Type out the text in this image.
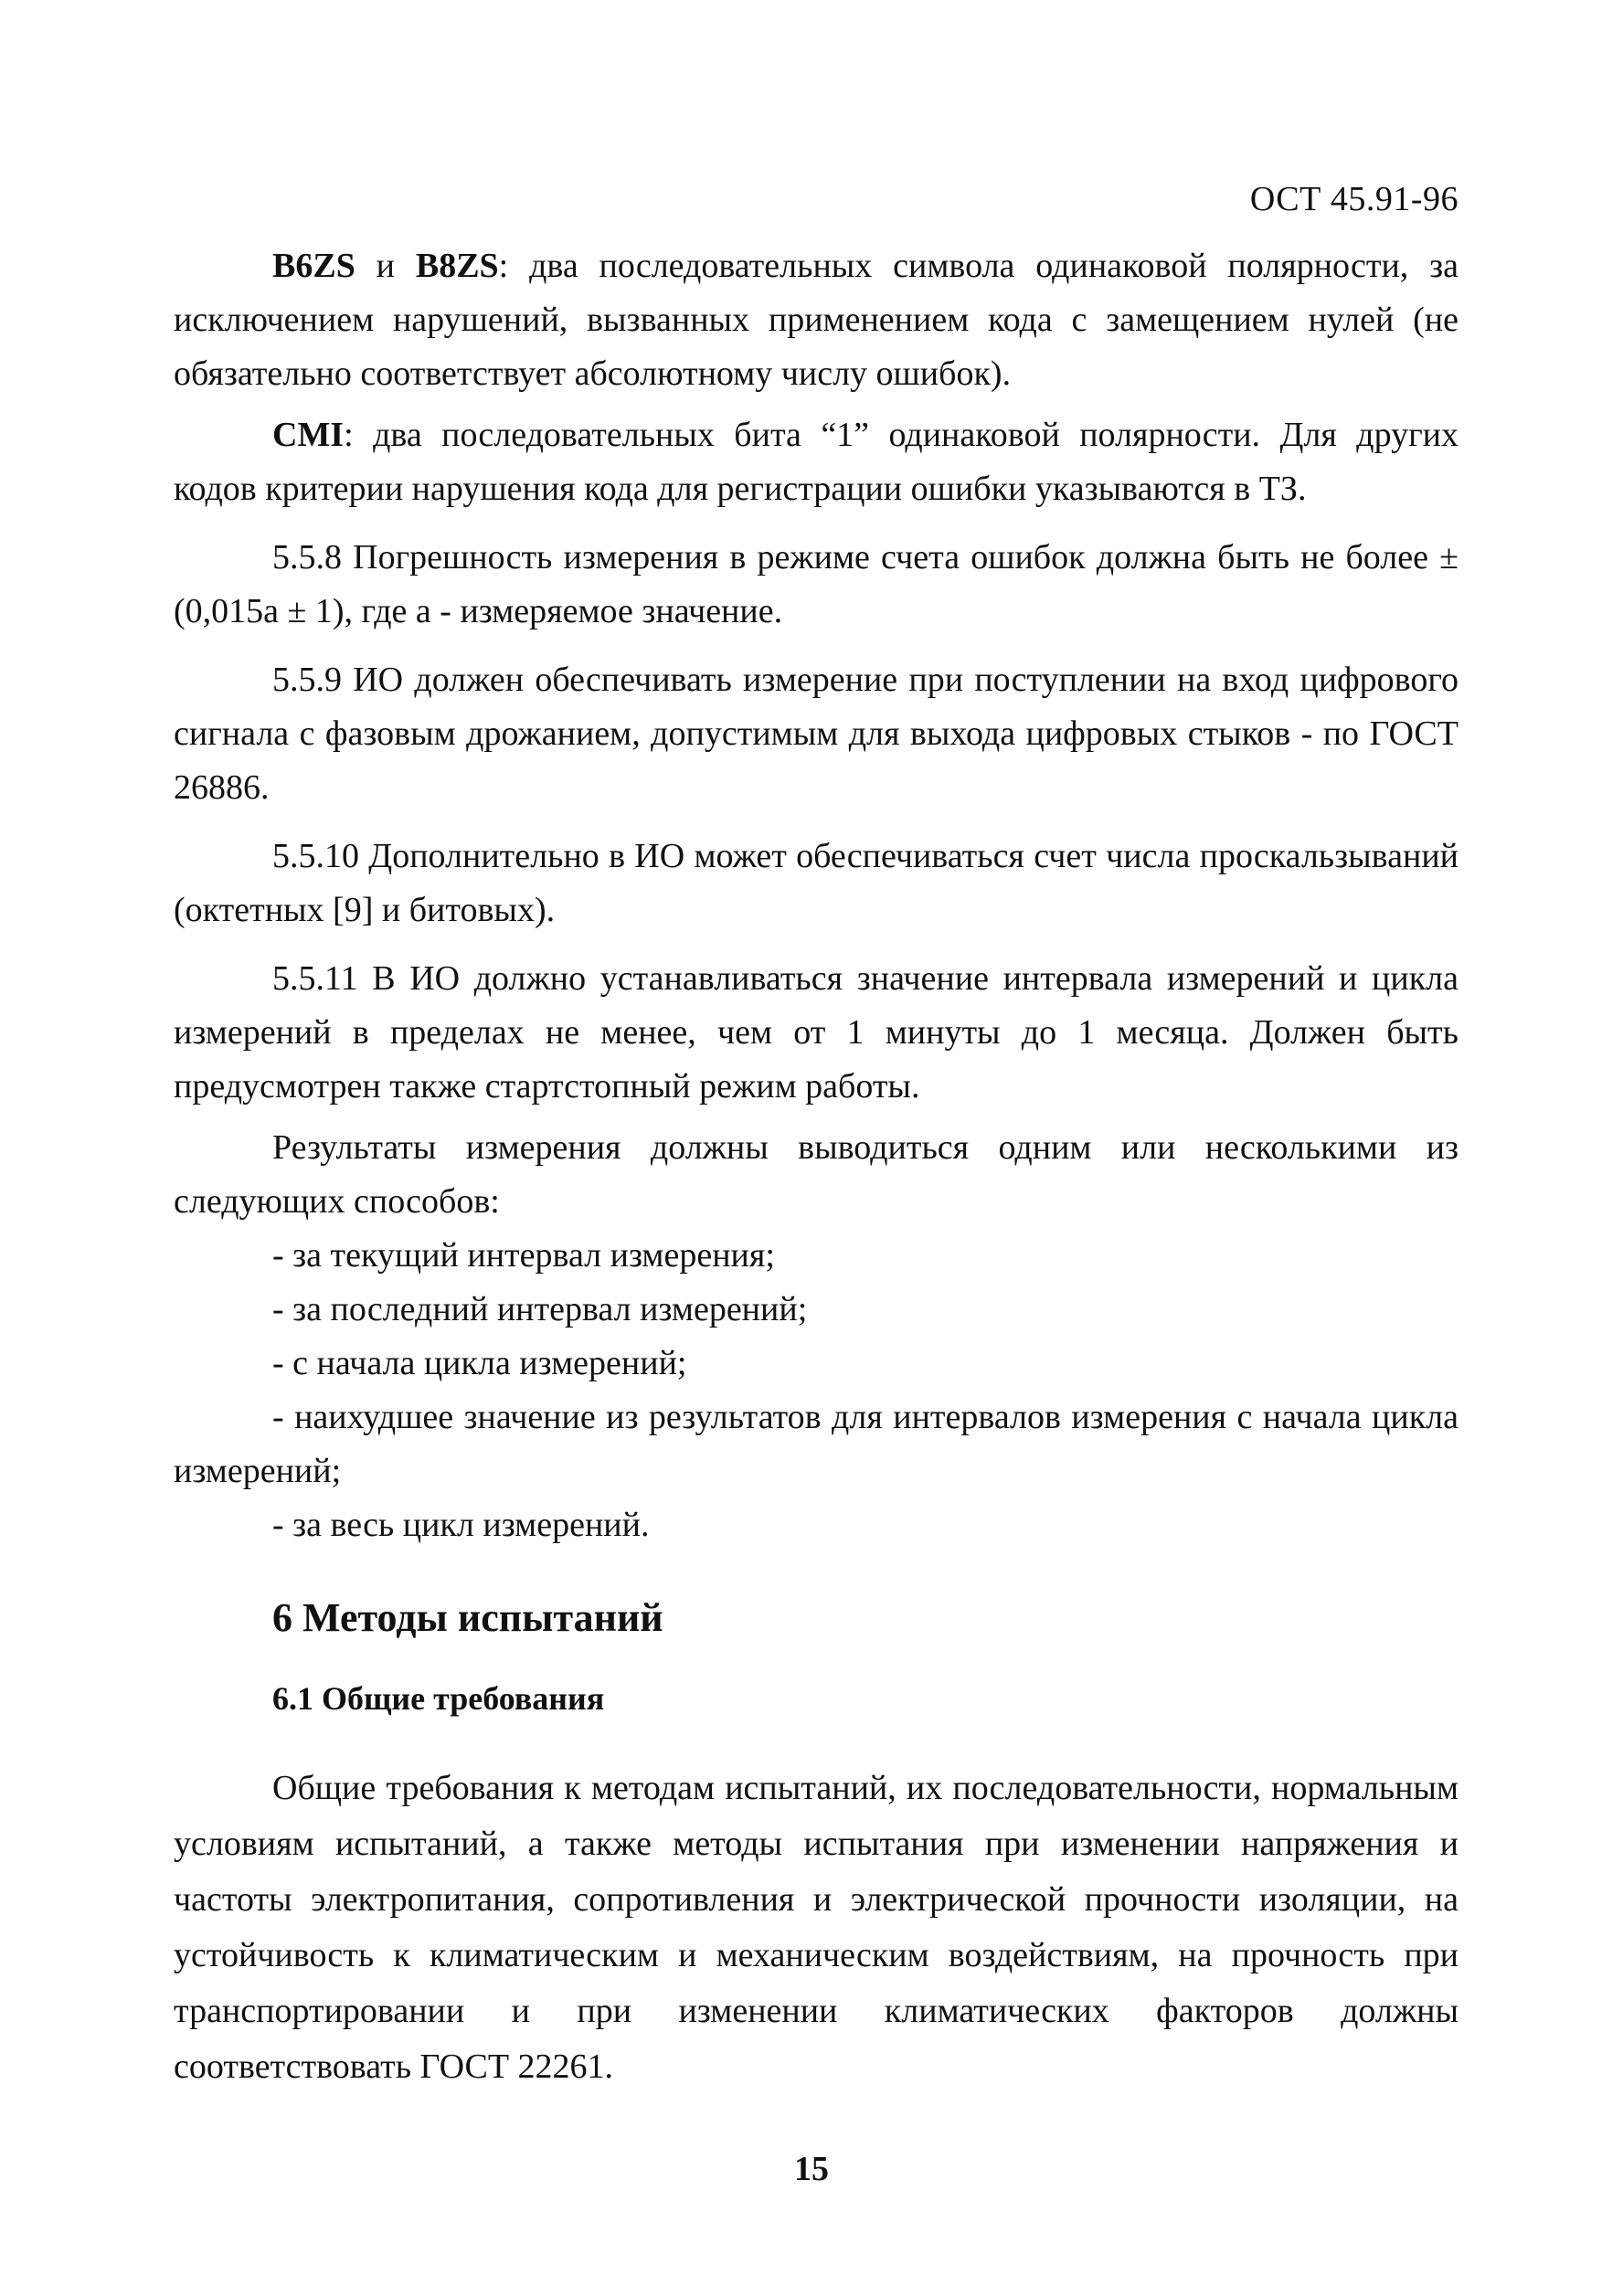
ОСТ 45.91-96

B6ZS и B8ZS: два последовательных символа одинаковой полярности, за исключением нарушений, вызванных применением кода с замещением нулей (не обязательно соответствует абсолютному числу ошибок).

CMI: два последовательных бита “1” одинаковой полярности. Для других кодов критерии нарушения кода для регистрации ошибки указываются в ТЗ.

5.5.8 Погрешность измерения в режиме счета ошибок должна быть не более ± (0,015а ± 1), где а - измеряемое значение.

5.5.9 ИО должен обеспечивать измерение при поступлении на вход цифрового сигнала с фазовым дрожанием, допустимым для выхода цифровых стыков - по ГОСТ 26886.

5.5.10 Дополнительно в ИО может обеспечиваться счет числа проскальзываний (октетных [9] и битовых).

5.5.11 В ИО должно устанавливаться значение интервала измерений и цикла измерений в пределах не менее, чем от 1 минуты до 1 месяца. Должен быть предусмотрен также стартстопный режим работы.

Результаты измерения должны выводиться одним или несколькими из следующих способов:

- за текущий интервал измерения;

- за последний интервал измерений;

- с начала цикла измерений;

- наихудшее значение из результатов для интервалов измерения с начала цикла измерений;

- за весь цикл измерений.

6 Методы испытаний
6.1 Общие требования

Общие требования к методам испытаний, их последовательности, нормальным условиям испытаний, а также методы испытания при изменении напряжения и частоты электропитания, сопротивления и электрической прочности изоляции, на устойчивость к климатическим и механическим воздействиям, на прочность при транспортировании и при изменении климатических факторов должны соответствовать ГОСТ 22261.

15
